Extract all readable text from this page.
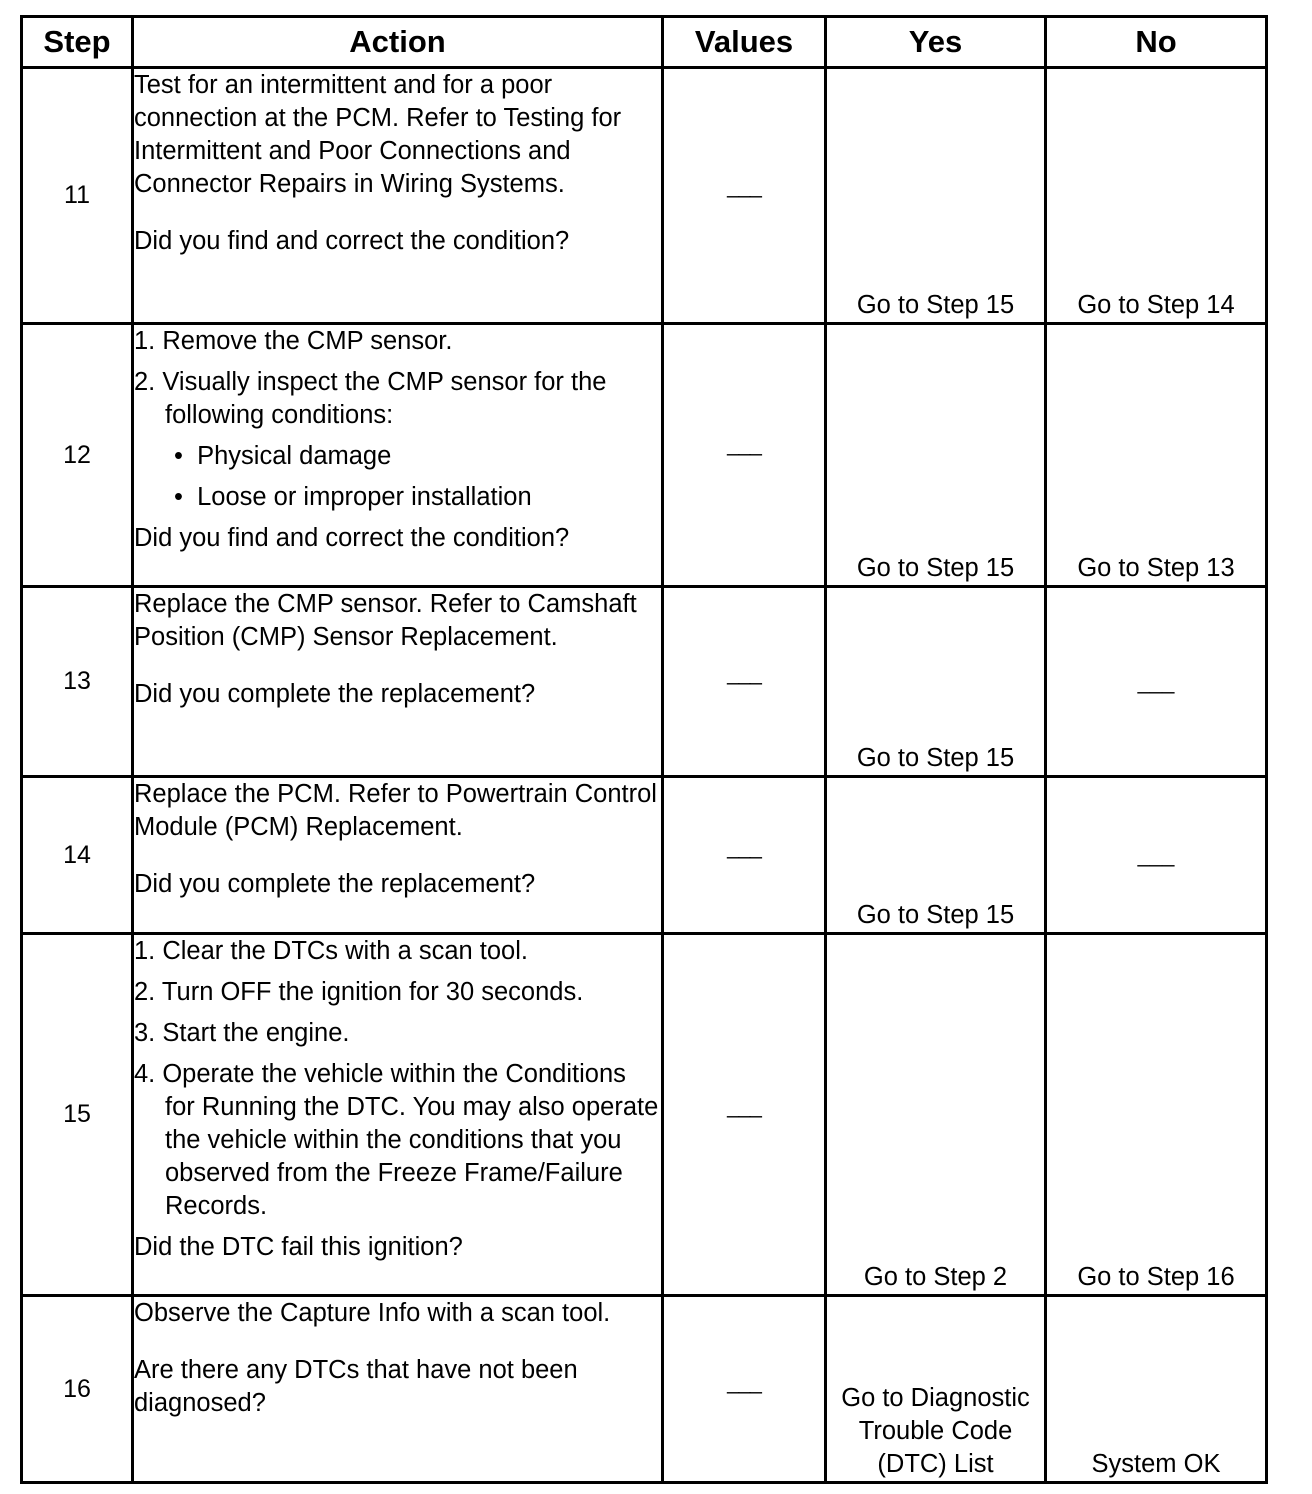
Step	Action	Values	Yes	No
11	Test for an intermittent and for a poor connection at the PCM. Refer to Testing for Intermittent and Poor Connections and Connector Repairs in Wiring Systems.

Did you find and correct the condition?	___	Go to Step 15	Go to Step 14
12	1. Remove the CMP sensor.

2. Visually inspect the CMP sensor for the following conditions:

•  Physical damage

•  Loose or improper installation

Did you find and correct the condition?	___	Go to Step 15	Go to Step 13
13	Replace the CMP sensor. Refer to Camshaft Position (CMP) Sensor Replacement.

Did you complete the replacement?	___	Go to Step 15	___
14	Replace the PCM. Refer to Powertrain Control Module (PCM) Replacement.

Did you complete the replacement?	___	Go to Step 15	___
15	1. Clear the DTCs with a scan tool.

2. Turn OFF the ignition for 30 seconds.

3. Start the engine.

4. Operate the vehicle within the Conditions for Running the DTC. You may also operate the vehicle within the conditions that you observed from the Freeze Frame/Failure Records.

Did the DTC fail this ignition?	___	Go to Step 2	Go to Step 16
16	Observe the Capture Info with a scan tool.

Are there any DTCs that have not been diagnosed?	___	Go to Diagnostic Trouble Code (DTC) List	System OK
